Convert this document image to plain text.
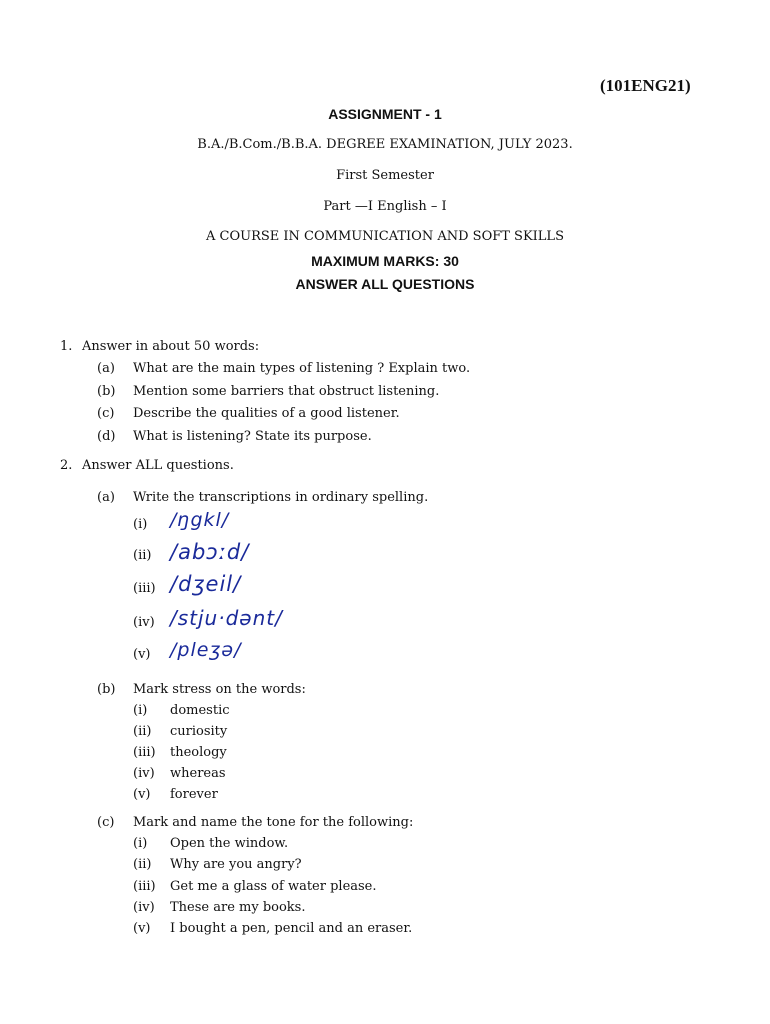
(101ENG21)
ASSIGNMENT - 1
B.A./B.Com./B.B.A. DEGREE EXAMINATION, JULY 2023.
First Semester
Part —I English – I
A COURSE IN COMMUNICATION AND SOFT SKILLS
MAXIMUM MARKS: 30
ANSWER ALL QUESTIONS
1. Answer in about 50 words:
(a) What are the main types of listening ? Explain two.
(b) Mention some barriers that obstruct listening.
(c) Describe the qualities of a good listener.
(d) What is listening? State its purpose.
2. Answer ALL questions.
(a) Write the transcriptions in ordinary spelling.
(i) /ŋgkl/
(ii) /abɔːd/
(iii) /dʒeil/
(iv) /stju·dənt/
(v) /pleʒə/
(b) Mark stress on the words:
(i) domestic
(ii) curiosity
(iii) theology
(iv) whereas
(v) forever
(c) Mark and name the tone for the following:
(i) Open the window.
(ii) Why are you angry?
(iii) Get me a glass of water please.
(iv) These are my books.
(v) I bought a pen, pencil and an eraser.
